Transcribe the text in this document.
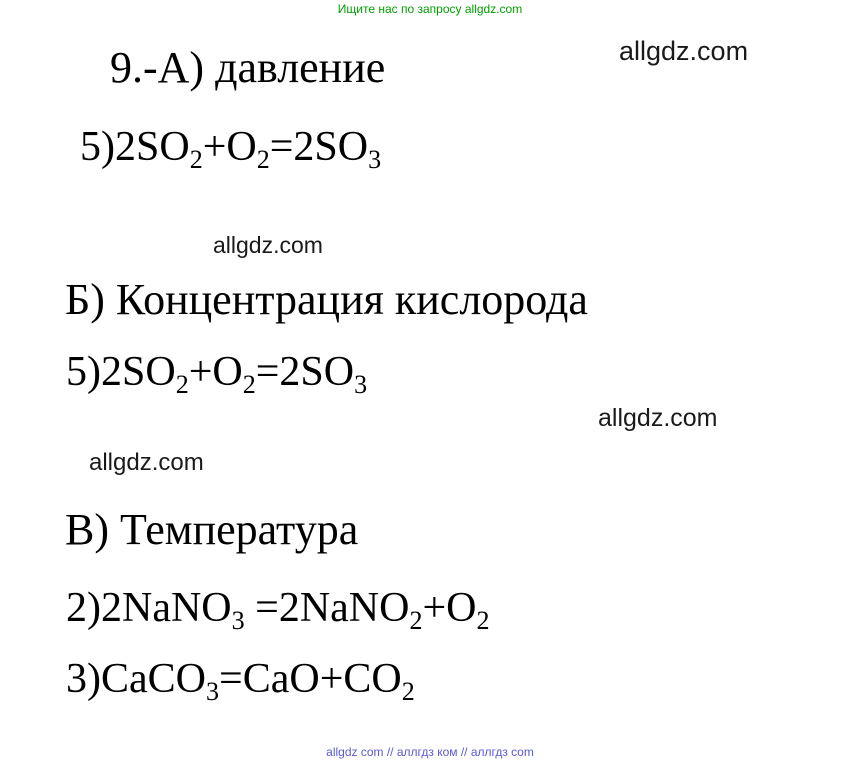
Ищите нас по запросу allgdz.com
allgdz.com
allgdz.com
allgdz.com
allgdz.com
9.-А) давление
$5)2SO_2+O_2=2SO_3$
Б) Концентрация кислорода
$5)2SO_2+O_2=2SO_3$
В) Температура
2)2NaNO$_3$ $=2NaNO_2+O_2$
$3)CaCO_3=CaO+CO_2$
allgdz com // аллгдз ком // аллгдз com
